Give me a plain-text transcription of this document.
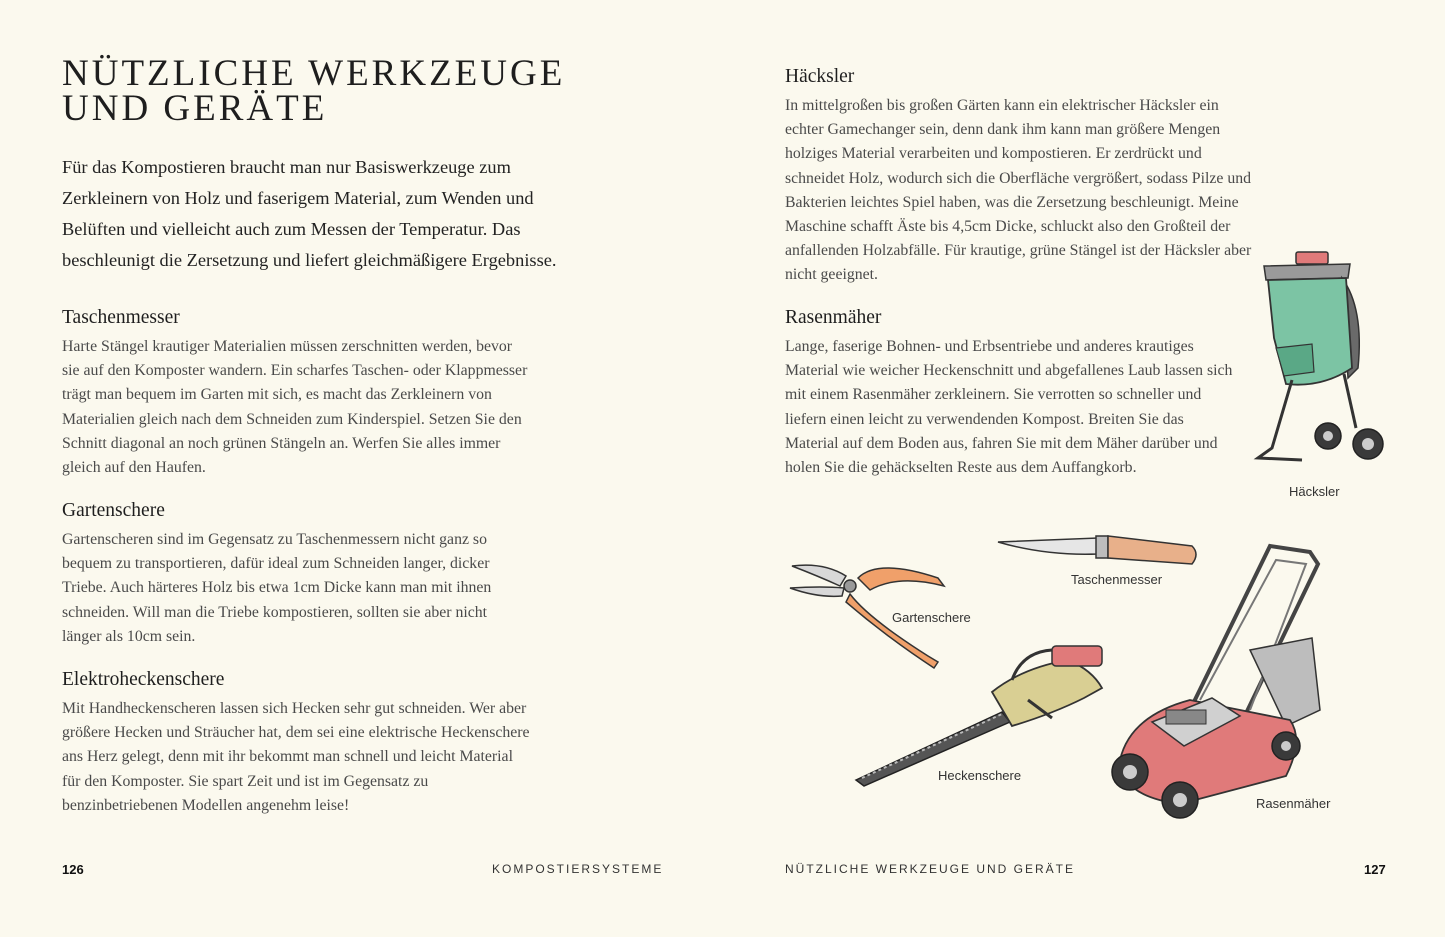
NÜTZLICHE WERKZEUGE
UND GERÄTE

Für das Kompostieren braucht man nur Basiswerkzeuge zum Zerkleinern von Holz und faserigem Material, zum Wenden und Belüften und vielleicht auch zum Messen der Temperatur. Das beschleunigt die Zersetzung und liefert gleichmäßigere Ergebnisse.

Taschenmesser

Harte Stängel krautiger Materialien müssen zerschnitten werden, bevor sie auf den Komposter wandern. Ein scharfes Taschen- oder Klappmesser trägt man bequem im Garten mit sich, es macht das Zerkleinern von Materialien gleich nach dem Schneiden zum Kinderspiel. Setzen Sie den Schnitt diagonal an noch grünen Stängeln an. Werfen Sie alles immer gleich auf den Haufen.

Gartenschere

Gartenscheren sind im Gegensatz zu Taschenmessern nicht ganz so bequem zu transportieren, dafür ideal zum Schneiden langer, dicker Triebe. Auch härteres Holz bis etwa 1cm Dicke kann man mit ihnen schneiden. Will man die Triebe kompostieren, sollten sie aber nicht länger als 10cm sein.

Elektroheckenschere

Mit Handheckenscheren lassen sich Hecken sehr gut schneiden. Wer aber größere Hecken und Sträucher hat, dem sei eine elektrische Heckenschere ans Herz gelegt, denn mit ihr bekommt man schnell und leicht Material für den Komposter. Sie spart Zeit und ist im Gegensatz zu benzinbetriebenen Modellen angenehm leise!

126	KOMPOSTIERSYSTEME
Häcksler

In mittelgroßen bis großen Gärten kann ein elektrischer Häcksler ein echter Gamechanger sein, denn dank ihm kann man größere Mengen holziges Material verarbeiten und kompostieren. Er zerdrückt und schneidet Holz, wodurch sich die Oberfläche vergrößert, sodass Pilze und Bakterien leichtes Spiel haben, was die Zersetzung beschleunigt. Meine Maschine schafft Äste bis 4,5cm Dicke, schluckt also den Großteil der anfallenden Holzabfälle. Für krautige, grüne Stängel ist der Häcksler aber nicht geeignet.

Rasenmäher

Lange, faserige Bohnen- und Erbsentriebe und anderes krautiges Material wie weicher Heckenschnitt und abgefallenes Laub lassen sich mit einem Rasenmäher zerkleinern. Sie verrotten so schneller und liefern einen leicht zu verwendenden Kompost. Breiten Sie das Material auf dem Boden aus, fahren Sie mit dem Mäher darüber und holen Sie die gehäckselten Reste aus dem Auffangkorb.

Häcksler
Taschenmesser
Gartenschere
Heckenschere
Rasenmäher
NÜTZLICHE WERKZEUGE UND GERÄTE	127
